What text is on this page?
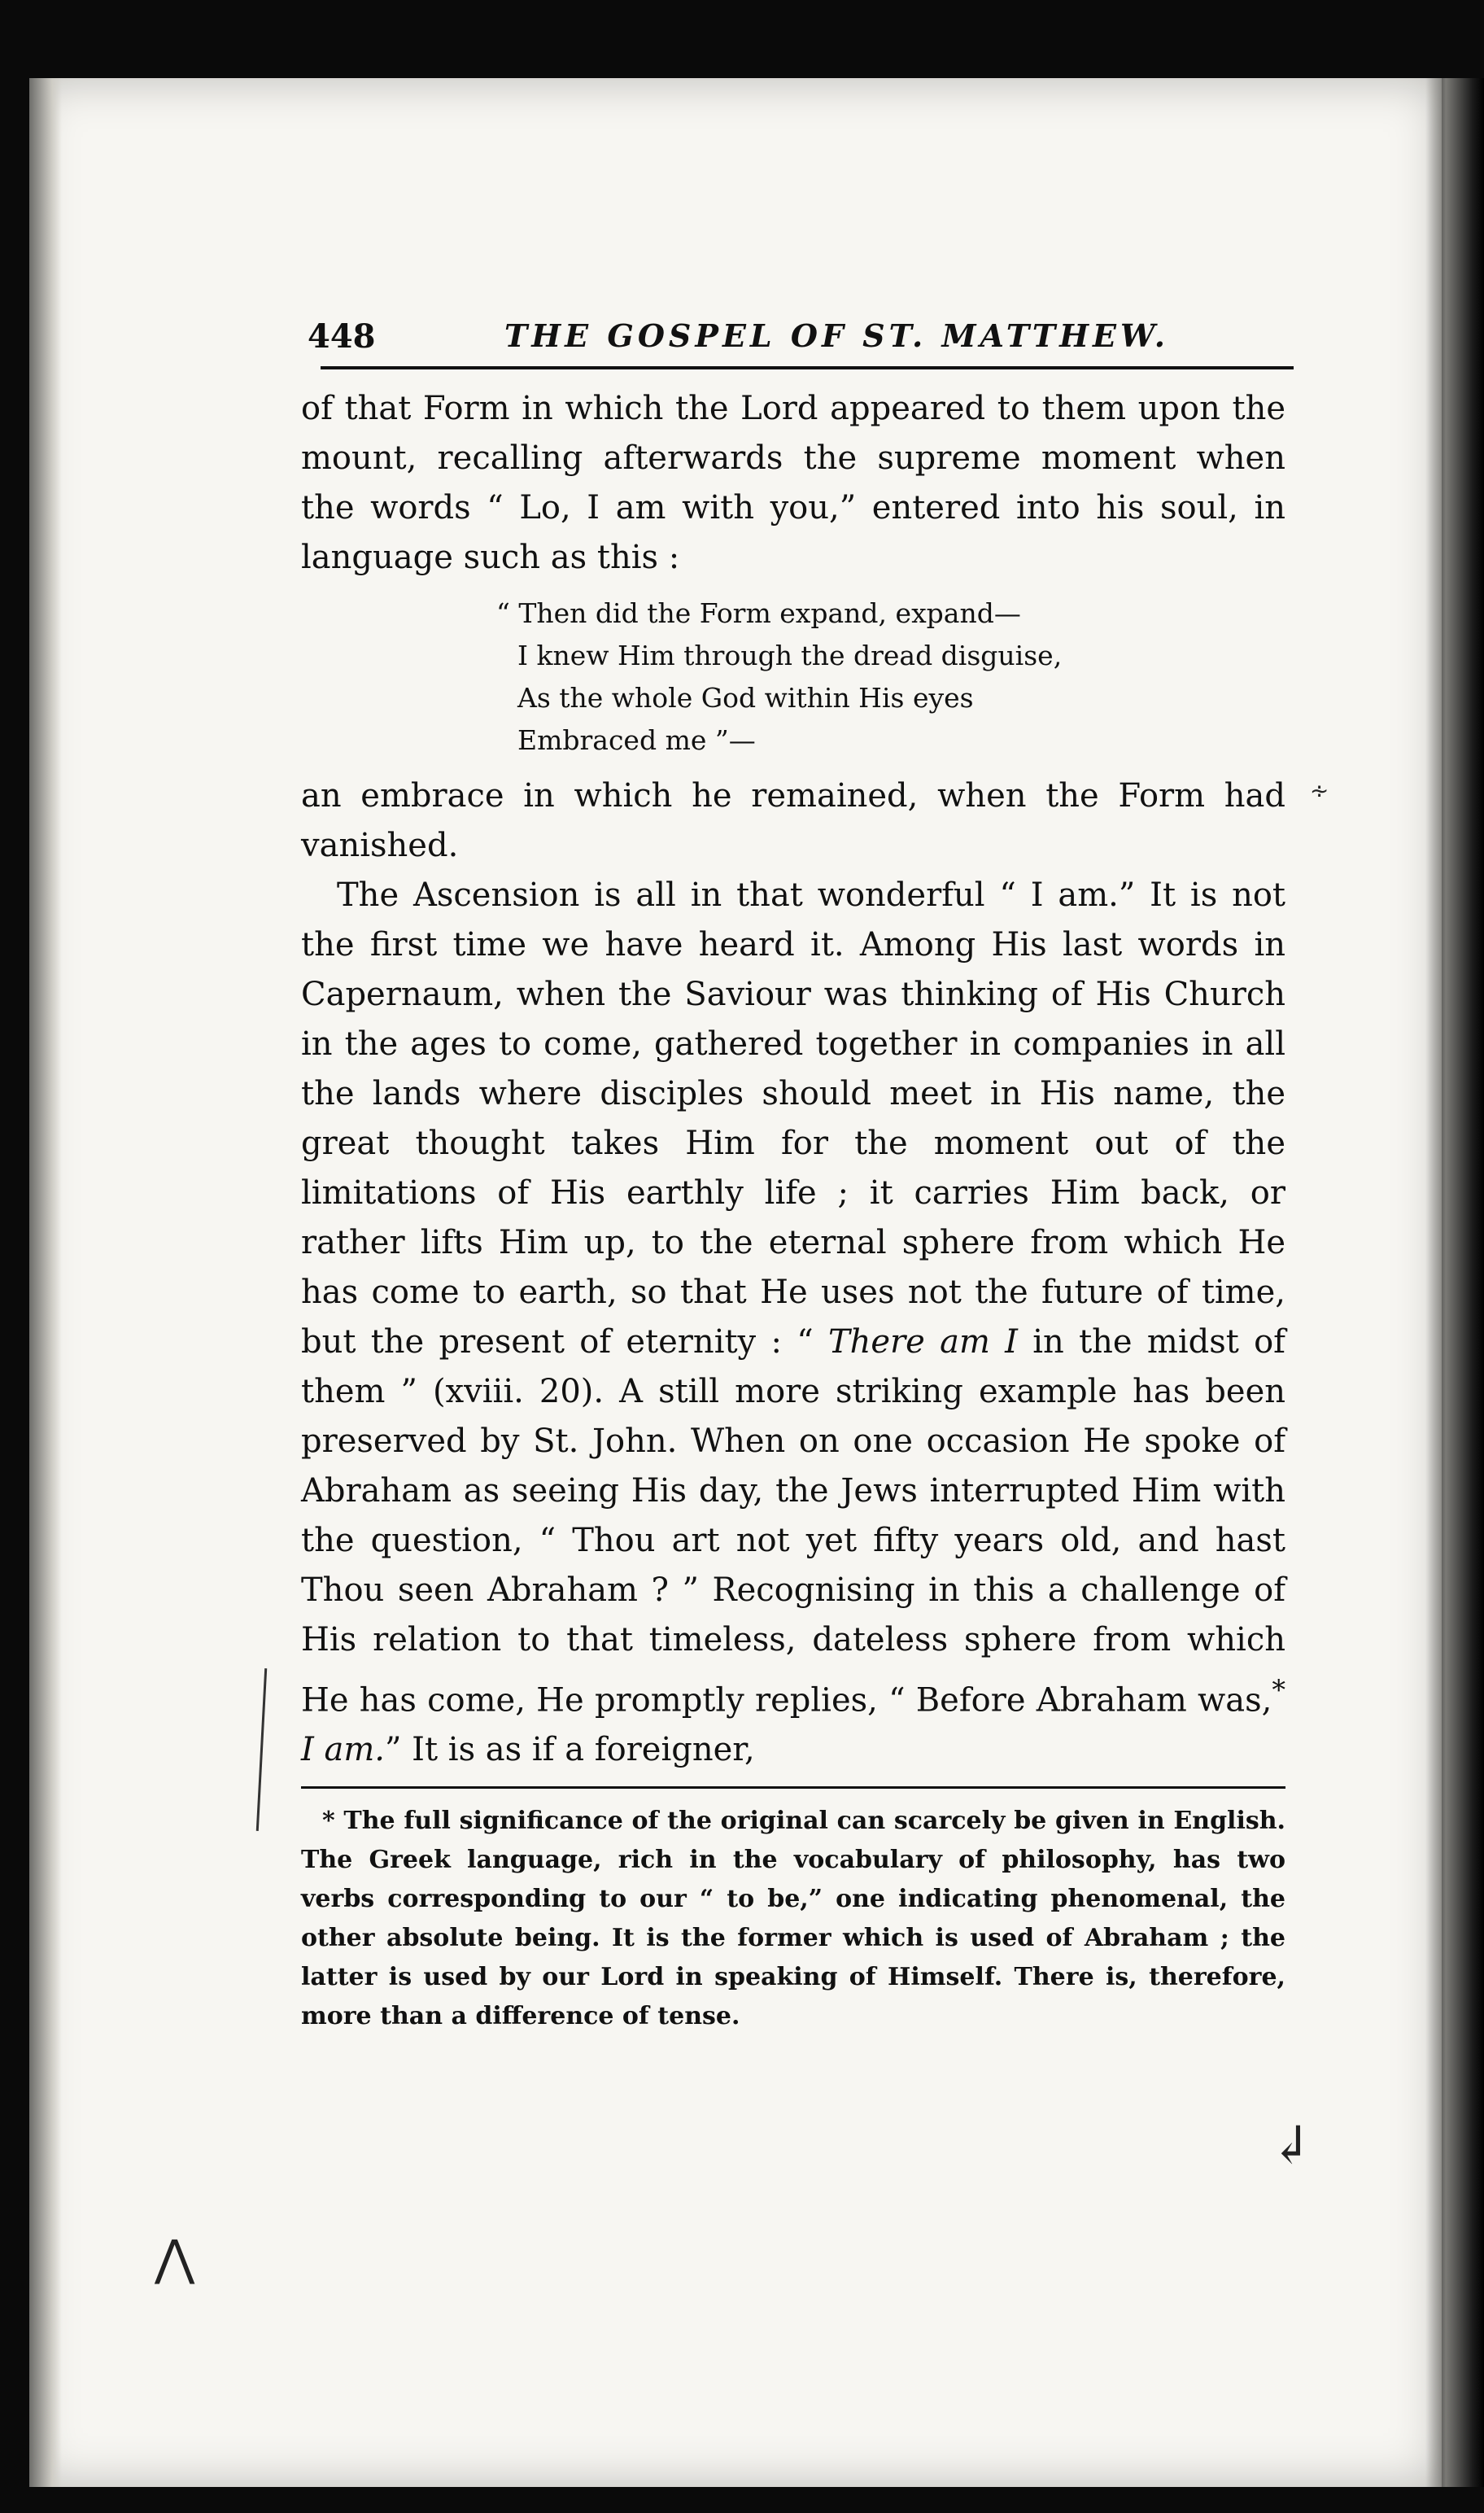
448	THE GOSPEL OF ST. MATTHEW.

of that Form in which the Lord appeared to them upon the mount, recalling afterwards the supreme moment when the words “ Lo, I am with you,” entered into his soul, in language such as this :

“ Then did the Form expand, expand—
I knew Him through the dread disguise,
As the whole God within His eyes
Embraced me ”—

an embrace in which he remained, when the Form had vanished.

The Ascension is all in that wonderful “ I am.” It is not the first time we have heard it. Among His last words in Capernaum, when the Saviour was thinking of His Church in the ages to come, gathered together in companies in all the lands where disciples should meet in His name, the great thought takes Him for the moment out of the limitations of His earthly life ; it carries Him back, or rather lifts Him up, to the eternal sphere from which He has come to earth, so that He uses not the future of time, but the present of eternity : “ There am I in the midst of them ” (xviii. 20). A still more striking example has been preserved by St. John. When on one occasion He spoke of Abraham as seeing His day, the Jews interrupted Him with the question, “ Thou art not yet fifty years old, and hast Thou seen Abraham ? ” Recognising in this a challenge of His relation to that timeless, dateless sphere from which He has come, He promptly replies, “ Before Abraham was,* I am.” It is as if a foreigner,

* The full significance of the original can scarcely be given in English. The Greek language, rich in the vocabulary of philosophy, has two verbs corresponding to our “ to be,” one indicating phenomenal, the other absolute being. It is the former which is used of Abraham ; the latter is used by our Lord in speaking of Himself. There is, therefore, more than a difference of tense.

∻
↲
⋀
